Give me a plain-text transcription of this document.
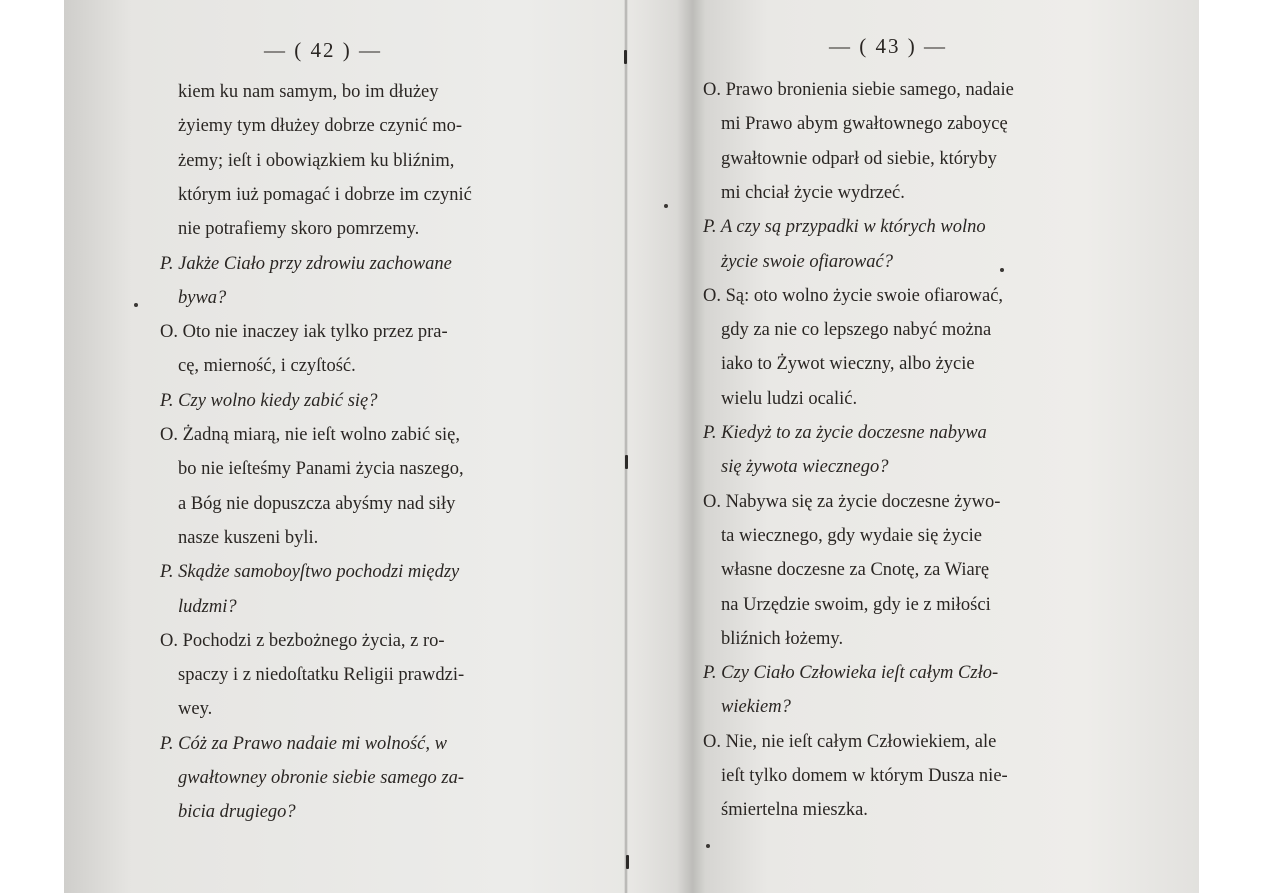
— ( 42 ) —
kiem ku nam samym, bo im dłużey
żyiemy tym dłużey dobrze czynić mo-
żemy; ieſt i obowiązkiem ku bliźnim,
którym iuż pomagać i dobrze im czynić
nie potrafiemy skoro pomrzemy.
P. Jakże Ciało przy zdrowiu zachowane
bywa?
O. Oto nie inaczey iak tylko przez pra-
cę, mierność, i czyſtość.
P. Czy wolno kiedy zabić się?
O. Żadną miarą, nie ieſt wolno zabić się,
bo nie ieſteśmy Panami życia naszego,
a Bóg nie dopuszcza abyśmy nad siły
nasze kuszeni byli.
P. Skądże samoboyſtwo pochodzi między
ludzmi?
O. Pochodzi z bezbożnego życia, z ro-
spaczy i z niedoſtatku Religii prawdzi-
wey.
P. Cóż za Prawo nadaie mi wolność, w
gwałtowney obronie siebie samego za-
bicia drugiego?
— ( 43 ) —
O. Prawo bronienia siebie samego, nadaie
mi Prawo abym gwałtownego zaboycę
gwałtownie odparł od siebie, któryby
mi chciał życie wydrzeć.
P. A czy są przypadki w których wolno
życie swoie ofiarować?
O. Są: oto wolno życie swoie ofiarować,
gdy za nie co lepszego nabyć można
iako to Żywot wieczny, albo życie
wielu ludzi ocalić.
P. Kiedyż to za życie doczesne nabywa
się żywota wiecznego?
O. Nabywa się za życie doczesne żywo-
ta wiecznego, gdy wydaie się życie
własne doczesne za Cnotę, za Wiarę
na Urzędzie swoim, gdy ie z miłości
bliźnich łożemy.
P. Czy Ciało Człowieka ieſt całym Czło-
wiekiem?
O. Nie, nie ieſt całym Człowiekiem, ale
ieſt tylko domem w którym Dusza nie-
śmiertelna mieszka.
